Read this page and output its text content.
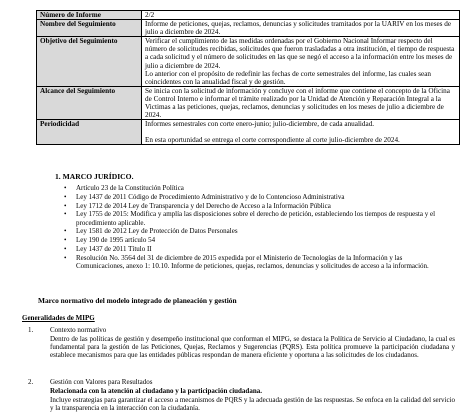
Número de Informe	2/2

Nombre del Seguimiento	Informe de peticiones, quejas, reclamos, denuncias y solicitudes tramitados por la UARIV en los meses de julio a diciembre de 2024.

Objetivo del Seguimiento	Verificar el cumplimiento de las medidas ordenadas por el Gobierno Nacional Informar respecto del número de solicitudes recibidas, solicitudes que fueron trasladadas a otra institución, el tiempo de respuesta a cada solicitud y el número de solicitudes en las que se negó el acceso a la información entre los meses de julio a diciembre de 2024.

Lo anterior con el propósito de redefinir las fechas de corte semestrales del informe, las cuales sean coincidentes con la anualidad fiscal y de gestión.

Alcance del Seguimiento	Se inicia con la solicitud de información y concluye con el informe que contiene el concepto de la Oficina de Control Interno e informar el trámite realizado por la Unidad de Atención y Reparación Integral a la Victimas a las peticiones, quejas, reclamos, denuncias y solicitudes en los meses de julio a diciembre de 2024.

Periodicidad	Informes semestrales con corte enero-junio; julio-diciembre, de cada anualidad.

En esta oportunidad se entrega el corte correspondiente al corte julio-diciembre de 2024.

1. MARCO JURÍDICO.
• Artículo 23 de la Constitución Política
• Ley 1437 de 2011 Código de Procedimiento Administrativo y de lo Contencioso Administrativa
• Ley 1712 de 2014 Ley de Transparencia y del Derecho de Acceso a la Información Pública
• Ley 1755 de 2015: Modifica y amplía las disposiciones sobre el derecho de petición, estableciendo los tiempos de respuesta y el procedimiento aplicable.
• Ley 1581 de 2012 Ley de Protección de Datos Personales
• Ley 190 de 1995 artículo 54
• Ley 1437 de 2011 Título II
• Resolución No. 3564 del 31 de diciembre de 2015 expedida por el Ministerio de Tecnologías de la Información y las Comunicaciones, anexo 1: 10.10. Informe de peticiones, quejas, reclamos, denuncias y solicitudes de acceso a la información.
Marco normativo del modelo integrado de planeación y gestión
Generalidades de MIPG
1. Contexto normativo

Dentro de las políticas de gestión y desempeño institucional que conforman el MIPG, se destaca la Política de Servicio al Ciudadano, la cual es fundamental para la gestión de las Peticiones, Quejas, Reclamos y Sugerencias (PQRS). Esta política promueve la participación ciudadana y establece mecanismos para que las entidades públicas respondan de manera eficiente y oportuna a las solicitudes de los ciudadanos.

2. Gestión con Valores para Resultados
Relacionada con la atención al ciudadano y la participación ciudadana.

Incluye estrategias para garantizar el acceso a mecanismos de PQRS y la adecuada gestión de las respuestas. Se enfoca en la calidad del servicio y la transparencia en la interacción con la ciudadanía.
